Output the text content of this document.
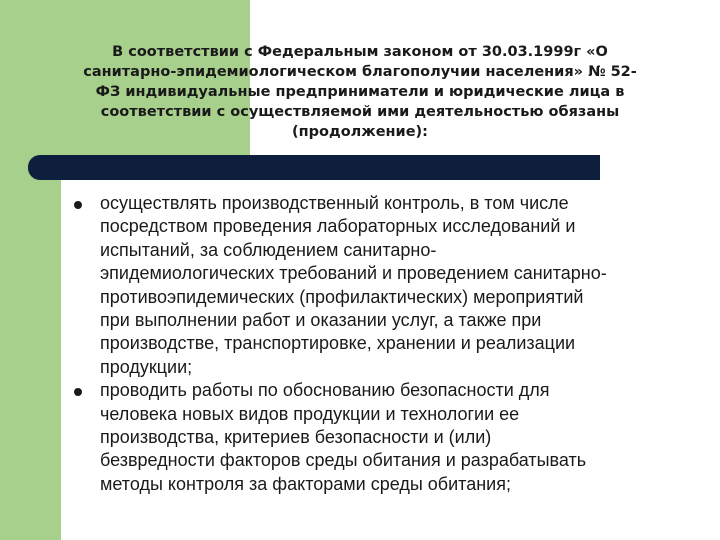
В соответствии с Федеральным законом от 30.03.1999г «О
санитарно-эпидемиологическом благополучии населения» № 52-
ФЗ индивидуальные предприниматели и юридические лица в
соответствии с осуществляемой ими деятельностью обязаны
(продолжение):
осуществлять производственный контроль, в том числе
посредством проведения лабораторных исследований и
испытаний, за соблюдением санитарно-
эпидемиологических требований и проведением санитарно-
противоэпидемических (профилактических) мероприятий
при выполнении работ и оказании услуг, а также при
производстве, транспортировке, хранении и реализации
продукции;
проводить работы по обоснованию безопасности для
человека новых видов продукции и технологии ее
производства, критериев безопасности и (или)
безвредности факторов среды обитания и разрабатывать
методы контроля за факторами среды обитания;
